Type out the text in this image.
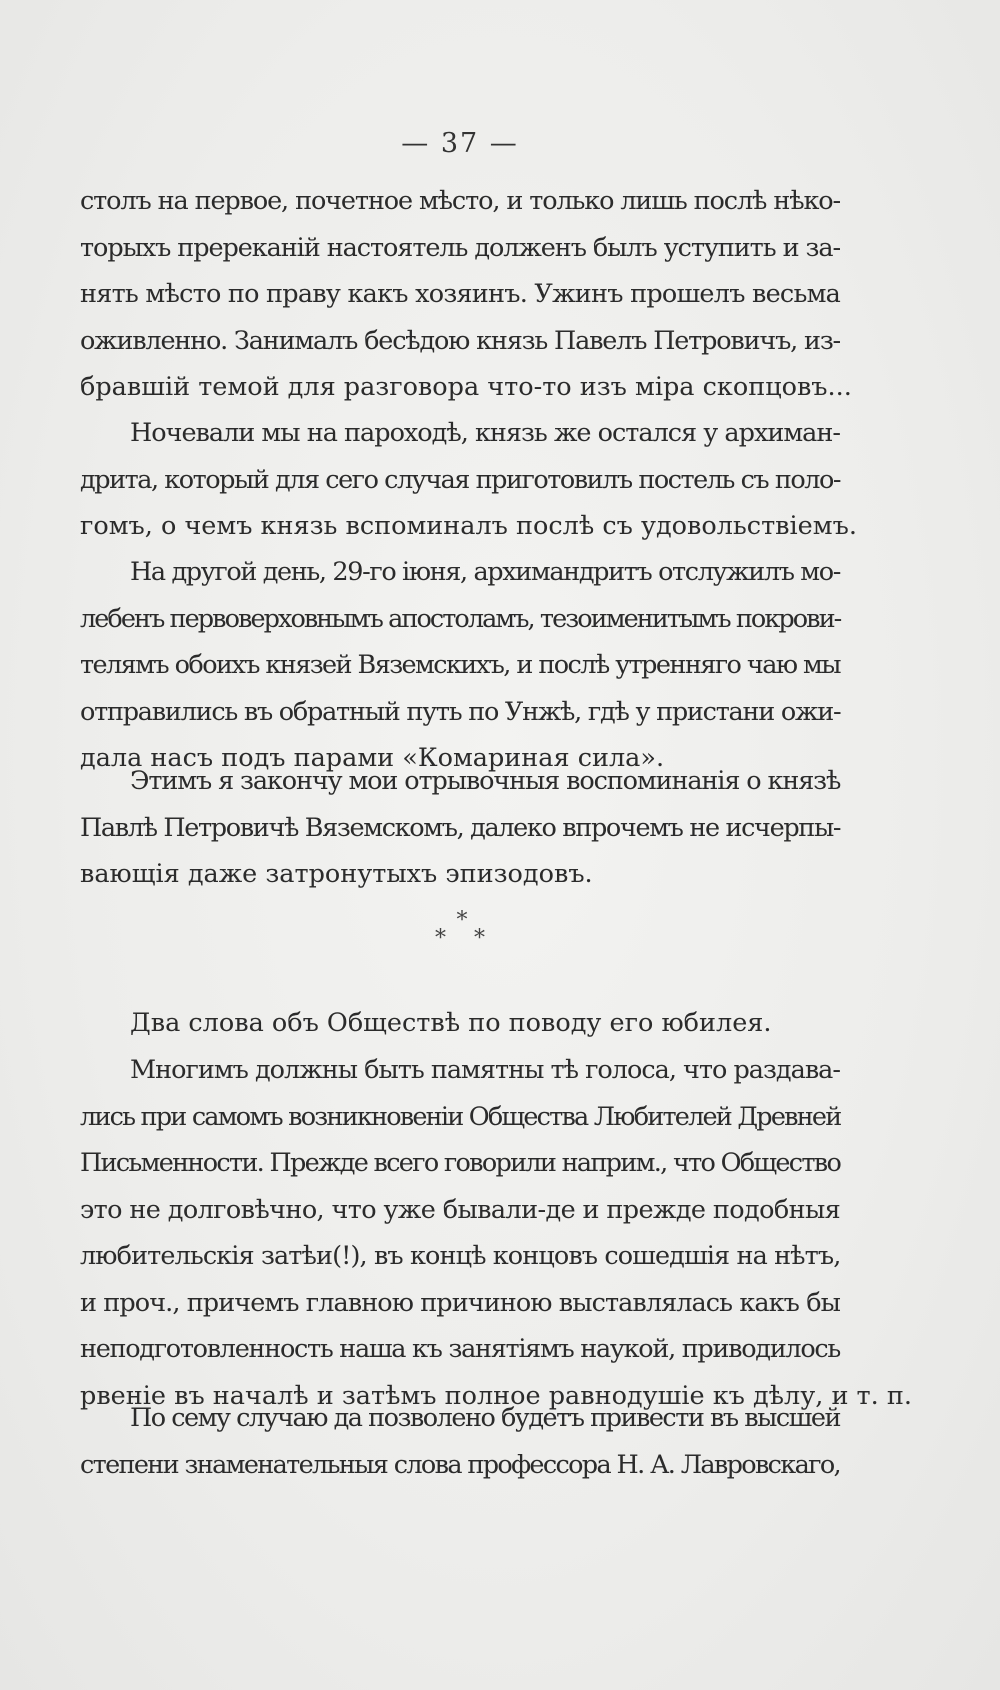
— 37 —
столъ на первое, почетное мѣсто, и только лишь послѣ нѣко-
торыхъ пререканій настоятель долженъ былъ уступить и за-
нять мѣсто по праву какъ хозяинъ. Ужинъ прошелъ весьма
оживленно. Занималъ бесѣдою князь Павелъ Петровичъ, из-
бравшій темой для разговора что-то изъ міра скопцовъ...
Ночевали мы на пароходѣ, князь же остался у архиман-
дрита, который для сего случая приготовилъ постель съ поло-
гомъ, о чемъ князь вспоминалъ послѣ съ удовольствіемъ.
На другой день, 29-го іюня, архимандритъ отслужилъ мо-
лебенъ первоверховнымъ апостоламъ, тезоименитымъ покрови-
телямъ обоихъ князей Вяземскихъ, и послѣ утренняго чаю мы
отправились въ обратный путь по Унжѣ, гдѣ у пристани ожи-
дала насъ подъ парами «Комариная сила».
Этимъ я закончу мои отрывочныя воспоминанія о князѣ
Павлѣ Петровичѣ Вяземскомъ, далеко впрочемъ не исчерпы-
вающія даже затронутыхъ эпизодовъ.
*
**
Два слова объ Обществѣ по поводу его юбилея.
Многимъ должны быть памятны тѣ голоса, что раздава-
лись при самомъ возникновеніи Общества Любителей Древней
Письменности. Прежде всего говорили наприм., что Общество
это не долговѣчно, что уже бывали-де и прежде подобныя
любительскія затѣи(!), въ концѣ концовъ сошедшія на нѣтъ,
и проч., причемъ главною причиною выставлялась какъ бы
неподготовленность наша къ занятіямъ наукой, приводилось
рвеніе въ началѣ и затѣмъ полное равнодушіе къ дѣлу, и т. п.
По сему случаю да позволено будетъ привести въ высшей
степени знаменательныя слова профессора Н. А. Лавровскаго,
